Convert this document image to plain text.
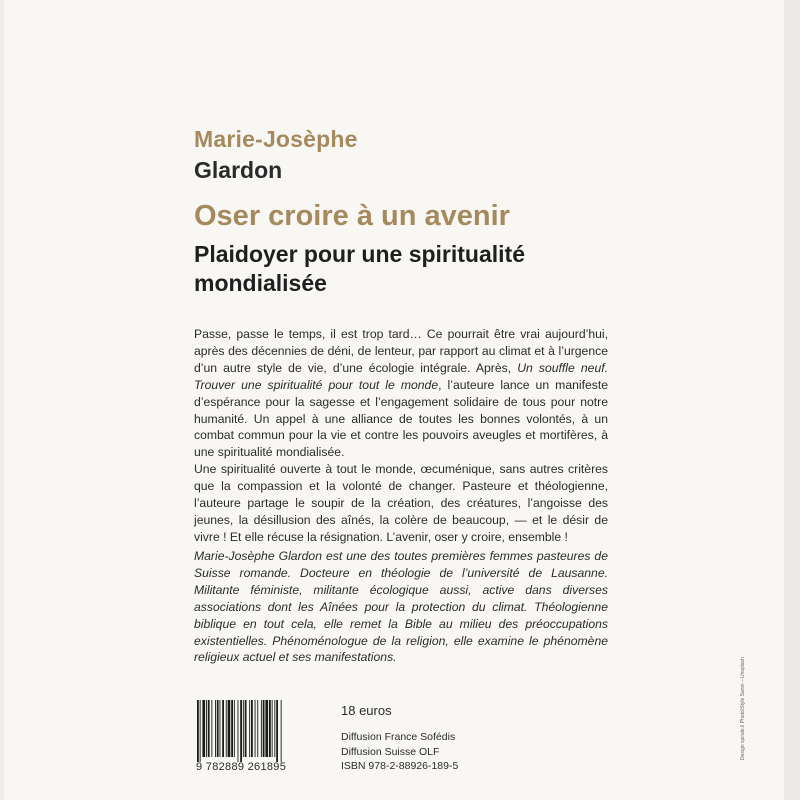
Marie-Josèphe
Glardon
Oser croire à un avenir
Plaidoyer pour une spiritualité mondialisée

Passe, passe le temps, il est trop tard… Ce pourrait être vrai aujourd’hui, après des décennies de déni, de lenteur, par rapport au climat et à l’urgence d’un autre style de vie, d’une écologie intégrale. Après, Un souffle neuf. Trouver une spiritualité pour tout le monde, l’auteure lance un manifeste d’espérance pour la sagesse et l’engagement solidaire de tous pour notre humanité. Un appel à une alliance de toutes les bonnes volontés, à un combat commun pour la vie et contre les pouvoirs aveugles et mortifères, à une spiritualité mondialisée.

Une spiritualité ouverte à tout le monde, œcuménique, sans autres critères que la compassion et la volonté de changer. Pasteure et théologienne, l’auteure partage le soupir de la création, des créatures, l’angoisse des jeunes, la désillusion des aînés, la colère de beaucoup, — et le désir de vivre ! Et elle récuse la résignation. L’avenir, oser y croire, ensemble !

Marie-Josèphe Glardon est une des toutes premières femmes pasteures de Suisse romande. Docteure en théologie de l’université de Lausanne. Militante féministe, militante écologique aussi, active dans diverses associations dont les Aînées pour la protection du climat. Théologienne biblique en tout cela, elle remet la Bible au milieu des préoccupations existentielles. Phénoménologue de la religion, elle examine le phénomène religieux actuel et ses manifestations.
9 782889 261895
18 euros
Diffusion France Sofédis
Diffusion Suisse OLF
ISBN 978-2-88926-189-5
Design spirale.li Photo/Style Sanni – Unsplash
